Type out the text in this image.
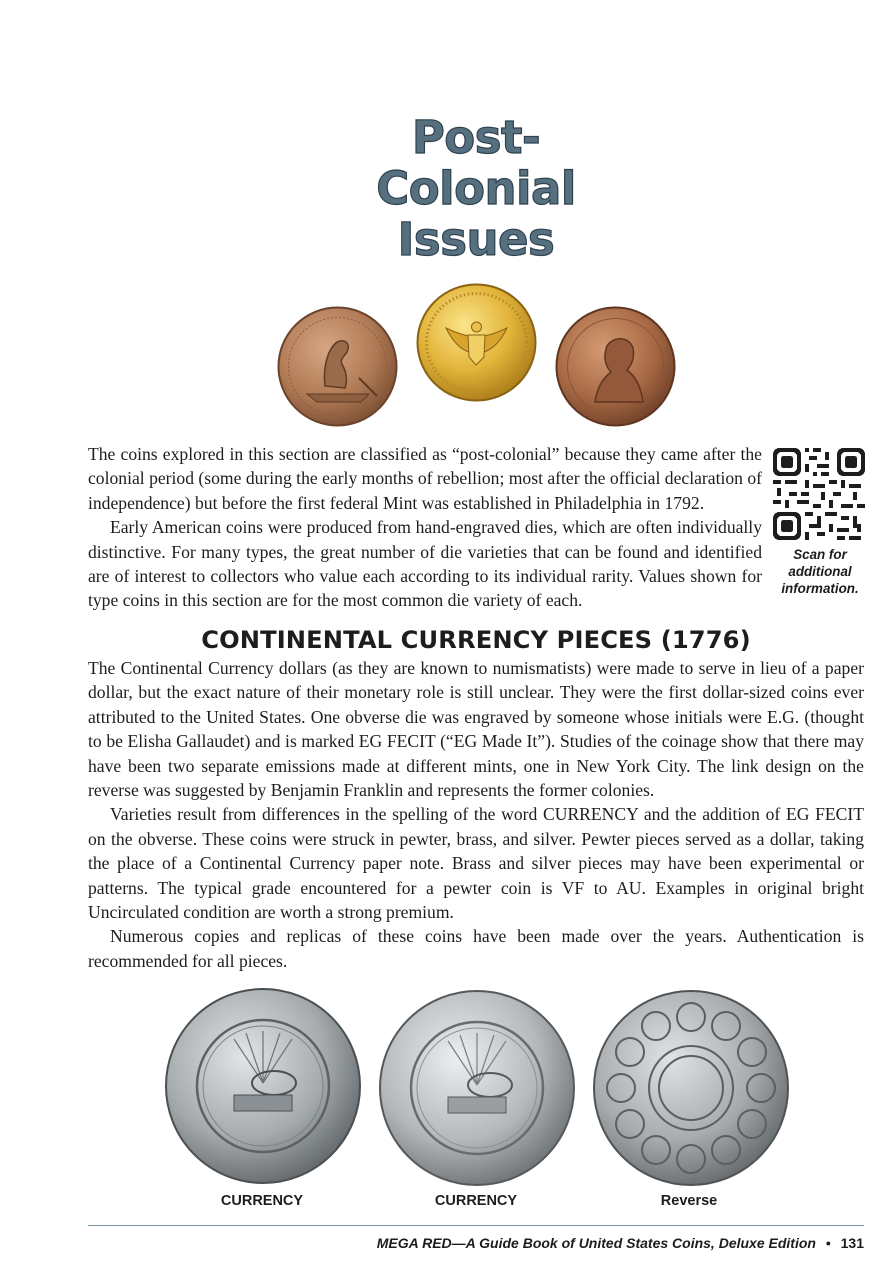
Post-
Colonial
Issues

The coins explored in this section are classified as “post-colonial” because they came after the colonial period (some during the early months of rebellion; most after the official declaration of independence) but before the first federal Mint was established in Philadelphia in 1792.

Early American coins were produced from hand-engraved dies, which are often individually distinctive. For many types, the great number of die varieties that can be found and identified are of interest to collectors who value each according to its individual rarity. Values shown for type coins in this section are for the most common die variety of each.

Scan for additional information.
CONTINENTAL CURRENCY PIECES (1776)

The Continental Currency dollars (as they are known to numismatists) were made to serve in lieu of a paper dollar, but the exact nature of their monetary role is still unclear. They were the first dollar-sized coins ever attributed to the United States. One obverse die was engraved by someone whose initials were E.G. (thought to be Elisha Gallaudet) and is marked EG FECIT (“EG Made It”). Studies of the coinage show that there may have been two separate emissions made at different mints, one in New York City. The link design on the reverse was suggested by Benjamin Franklin and represents the former colonies.

Varieties result from differences in the spelling of the word CURRENCY and the addition of EG FECIT on the obverse. These coins were struck in pewter, brass, and silver. Pewter pieces served as a dollar, taking the place of a Continental Currency paper note. Brass and silver pieces may have been experimental or patterns. The typical grade encountered for a pewter coin is VF to AU. Examples in original bright Uncirculated condition are worth a strong premium.

Numerous copies and replicas of these coins have been made over the years. Authentication is recommended for all pieces.

CURRENCY	CURRENCY	Reverse
MEGA RED—A Guide Book of United States Coins, Deluxe Edition • 131
